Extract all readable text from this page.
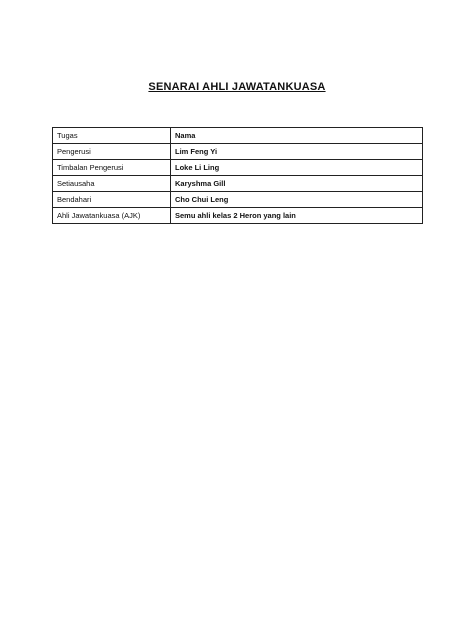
SENARAI AHLI JAWATANKUASA
Tugas	Nama
Pengerusi	Lim Feng Yi
Timbalan Pengerusi	Loke Li Ling
Setiausaha	Karyshma Gill
Bendahari	Cho Chui Leng
Ahli Jawatankuasa (AJK)	Semu ahli kelas 2 Heron yang lain
